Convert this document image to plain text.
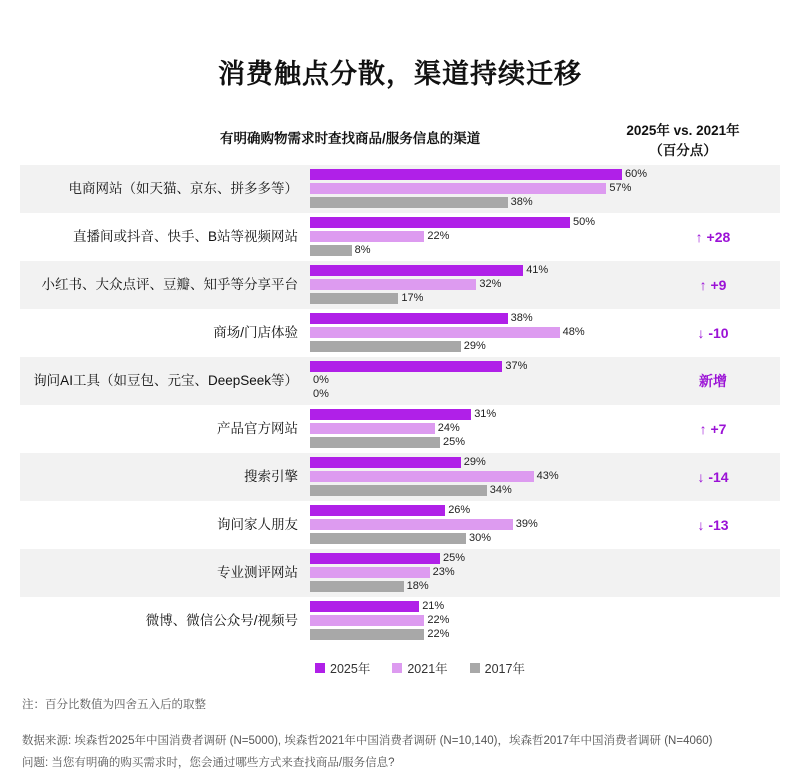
消费触点分散，渠道持续迁移
有明确购物需求时查找商品/服务信息的渠道
2025年 vs. 2021年
（百分点）
电商网站（如天猫、京东、拼多多等）
60%
57%
38%
直播间或抖音、快手、B站等视频网站
50%
22%
8%
↑ +28
小红书、大众点评、豆瓣、知乎等分享平台
41%
32%
17%
↑ +9
商场/门店体验
38%
48%
29%
↓ -10
询问AI工具（如豆包、元宝、DeepSeek等）
37%
0%
0%
新增
产品官方网站
31%
24%
25%
↑ +7
搜索引擎
29%
43%
34%
↓ -14
询问家人朋友
26%
39%
30%
↓ -13
专业测评网站
25%
23%
18%
微博、微信公众号/视频号
21%
22%
22%
2025年	2021年	2017年
注：百分比数值为四舍五入后的取整
数据来源: 埃森哲2025年中国消费者调研 (N=5000), 埃森哲2021年中国消费者调研 (N=10,140)，埃森哲2017年中国消费者调研 (N=4060)
问题: 当您有明确的购买需求时，您会通过哪些方式来查找商品/服务信息?
